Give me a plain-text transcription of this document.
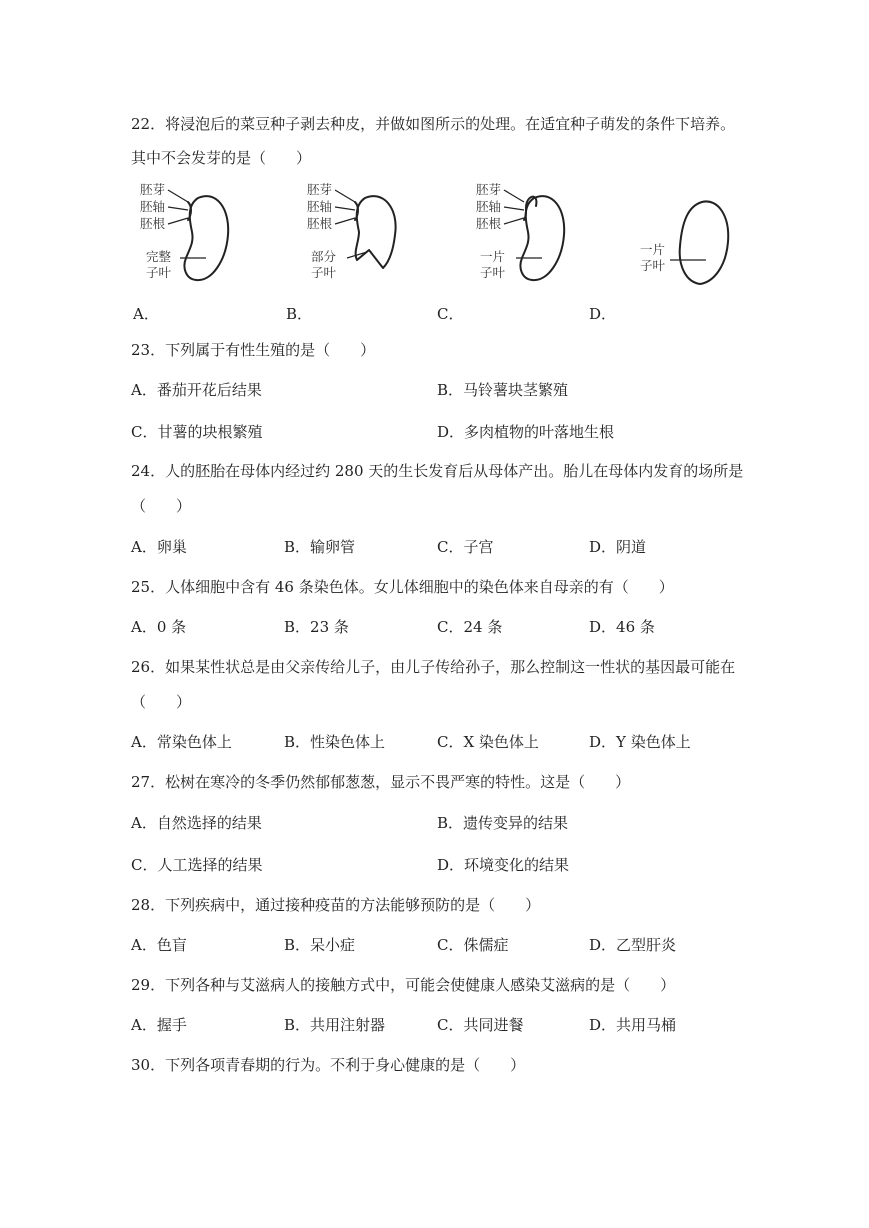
22．将浸泡后的菜豆种子剥去种皮，并做如图所示的处理。在适宜种子萌发的条件下培养。
其中不会发芽的是（　　）
胚芽
胚轴
胚根
完整
子叶
胚芽
胚轴
胚根
部分
子叶
胚芽
胚轴
胚根
一片
子叶
一片
子叶
A．	B．	C．	D．
23．下列属于有性生殖的是（　　）
A．番茄开花后结果	B．马铃薯块茎繁殖
C．甘薯的块根繁殖	D．多肉植物的叶落地生根
24．人的胚胎在母体内经过约 280 天的生长发育后从母体产出。胎儿在母体内发育的场所是
（　　）
A．卵巢	B．输卵管	C．子宫	D．阴道
25．人体细胞中含有 46 条染色体。女儿体细胞中的染色体来自母亲的有（　　）
A．0 条	B．23 条	C．24 条	D．46 条
26．如果某性状总是由父亲传给儿子，由儿子传给孙子，那么控制这一性状的基因最可能在
（　　）
A．常染色体上	B．性染色体上	C．X 染色体上	D．Y 染色体上
27．松树在寒冷的冬季仍然郁郁葱葱，显示不畏严寒的特性。这是（　　）
A．自然选择的结果	B．遗传变异的结果
C．人工选择的结果	D．环境变化的结果
28．下列疾病中，通过接种疫苗的方法能够预防的是（　　）
A．色盲	B．呆小症	C．侏儒症	D．乙型肝炎
29．下列各种与艾滋病人的接触方式中，可能会使健康人感染艾滋病的是（　　）
A．握手	B．共用注射器	C．共同进餐	D．共用马桶
30．下列各项青春期的行为。不利于身心健康的是（　　）
